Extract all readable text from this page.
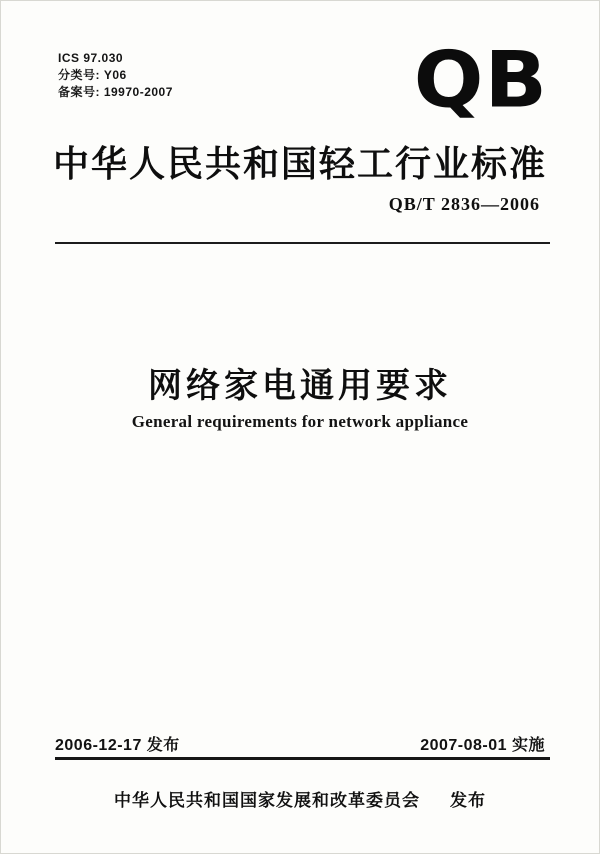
ICS 97.030
分类号: Y06
备案号: 19970-2007	QB
中华人民共和国轻工行业标准
QB/T 2836—2006
网络家电通用要求
General requirements for network appliance
2006-12-17 发布	2007-08-01 实施
中华人民共和国国家发展和改革委员会 发布
